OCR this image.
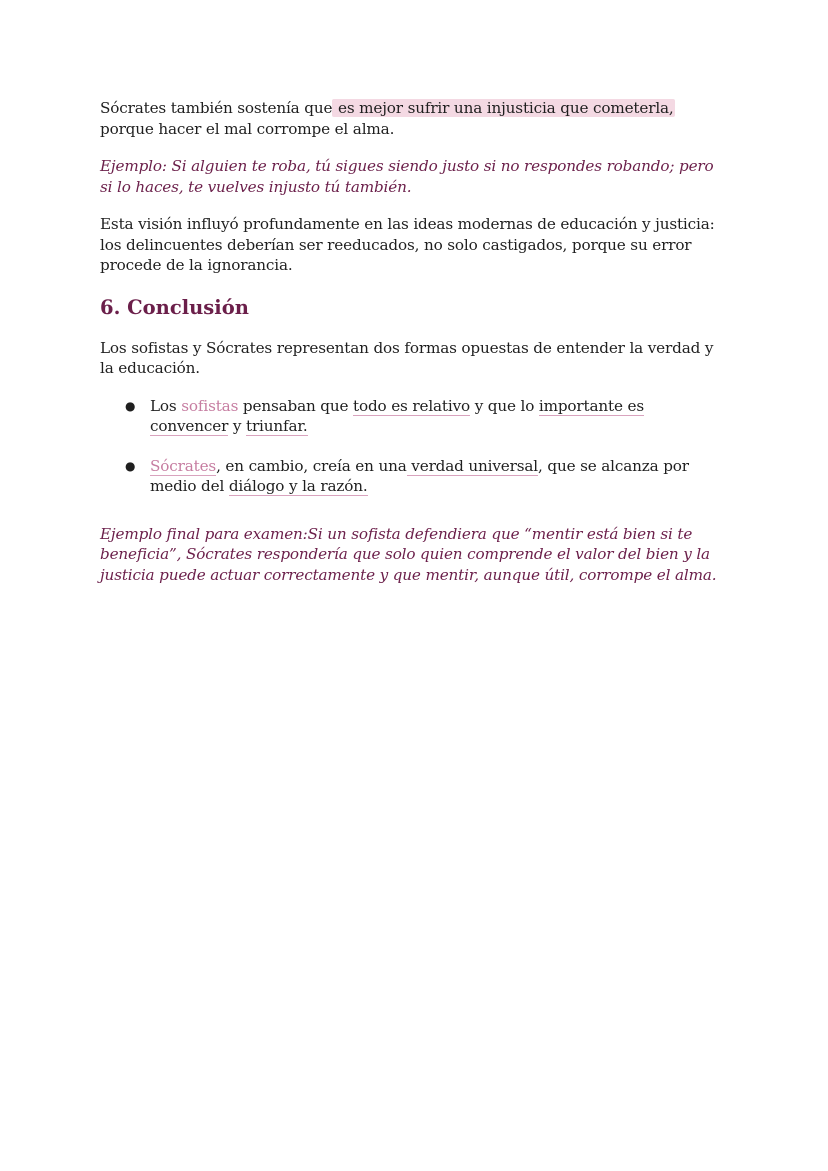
Sócrates también sostenía que es mejor sufrir una injusticia que cometerla, porque hacer el mal corrompe el alma.

Ejemplo: Si alguien te roba, tú sigues siendo justo si no respondes robando; pero si lo haces, te vuelves injusto tú también.

Esta visión influyó profundamente en las ideas modernas de educación y justicia: los delincuentes deberían ser reeducados, no solo castigados, porque su error procede de la ignorancia.

6. Conclusión

Los sofistas y Sócrates representan dos formas opuestas de entender la verdad y la educación.

● Los sofistas pensaban que todo es relativo y que lo importante es convencer y triunfar.
● Sócrates, en cambio, creía en una verdad universal, que se alcanza por medio del diálogo y la razón.

Ejemplo final para examen:Si un sofista defendiera que “mentir está bien si te beneficia”, Sócrates respondería que solo quien comprende el valor del bien y la justicia puede actuar correctamente y que mentir, aunque útil, corrompe el alma.
